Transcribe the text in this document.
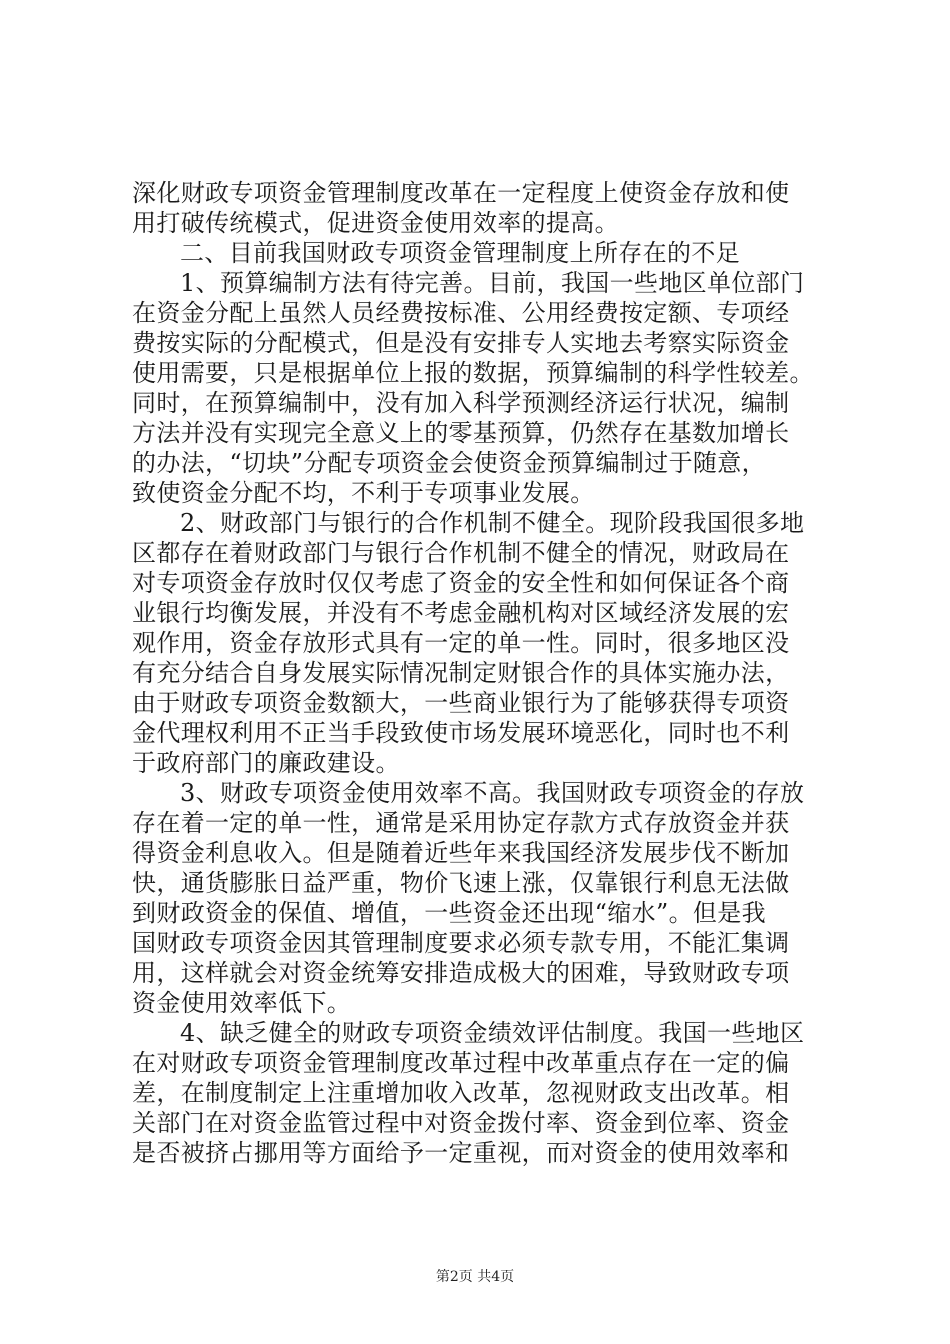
深化财政专项资金管理制度改革在一定程度上使资金存放和使
用打破传统模式，促进资金使用效率的提高。
二、目前我国财政专项资金管理制度上所存在的不足
1、预算编制方法有待完善。目前，我国一些地区单位部门
在资金分配上虽然人员经费按标准、公用经费按定额、专项经
费按实际的分配模式，但是没有安排专人实地去考察实际资金
使用需要，只是根据单位上报的数据，预算编制的科学性较差。
同时，在预算编制中，没有加入科学预测经济运行状况，编制
方法并没有实现完全意义上的零基预算，仍然存在基数加增长
的办法，“切块”分配专项资金会使资金预算编制过于随意，
致使资金分配不均，不利于专项事业发展。
2、财政部门与银行的合作机制不健全。现阶段我国很多地
区都存在着财政部门与银行合作机制不健全的情况，财政局在
对专项资金存放时仅仅考虑了资金的安全性和如何保证各个商
业银行均衡发展，并没有不考虑金融机构对区域经济发展的宏
观作用，资金存放形式具有一定的单一性。同时，很多地区没
有充分结合自身发展实际情况制定财银合作的具体实施办法，
由于财政专项资金数额大，一些商业银行为了能够获得专项资
金代理权利用不正当手段致使市场发展环境恶化，同时也不利
于政府部门的廉政建设。
3、财政专项资金使用效率不高。我国财政专项资金的存放
存在着一定的单一性，通常是采用协定存款方式存放资金并获
得资金利息收入。但是随着近些年来我国经济发展步伐不断加
快，通货膨胀日益严重，物价飞速上涨，仅靠银行利息无法做
到财政资金的保值、增值，一些资金还出现“缩水”。但是我
国财政专项资金因其管理制度要求必须专款专用，不能汇集调
用，这样就会对资金统筹安排造成极大的困难，导致财政专项
资金使用效率低下。
4、缺乏健全的财政专项资金绩效评估制度。我国一些地区
在对财政专项资金管理制度改革过程中改革重点存在一定的偏
差，在制度制定上注重增加收入改革，忽视财政支出改革。相
关部门在对资金监管过程中对资金拨付率、资金到位率、资金
是否被挤占挪用等方面给予一定重视，而对资金的使用效率和
第2页 共4页
